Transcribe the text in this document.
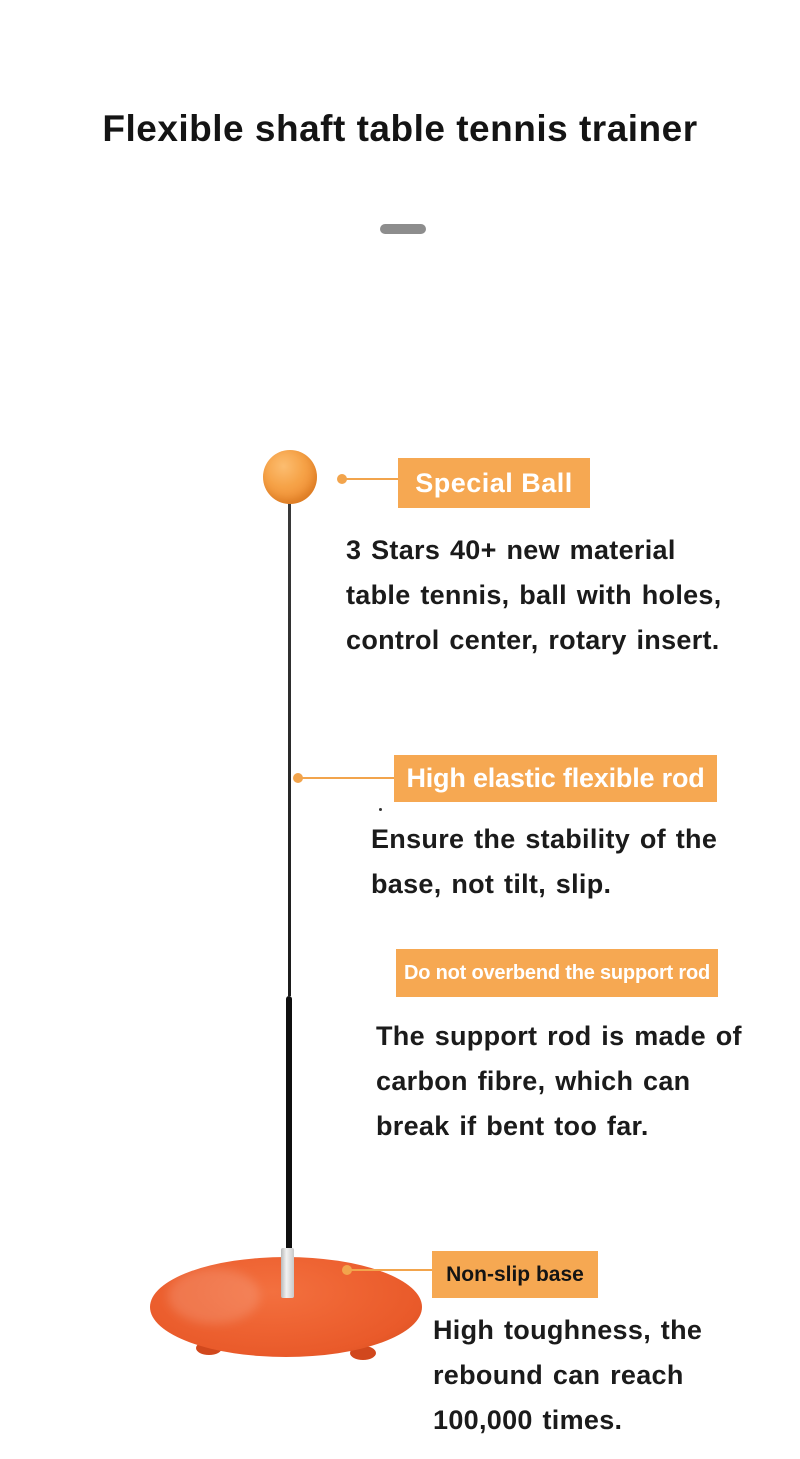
Flexible shaft table tennis trainer
Special Ball
3 Stars 40+ new material
table tennis, ball with holes,
control center, rotary insert.
High elastic flexible rod
Ensure the stability of the
base, not tilt, slip.
Do not overbend the support rod
The support rod is made of
carbon fibre, which can
break if bent too far.
Non-slip base
High toughness, the
rebound can reach
100,000 times.
